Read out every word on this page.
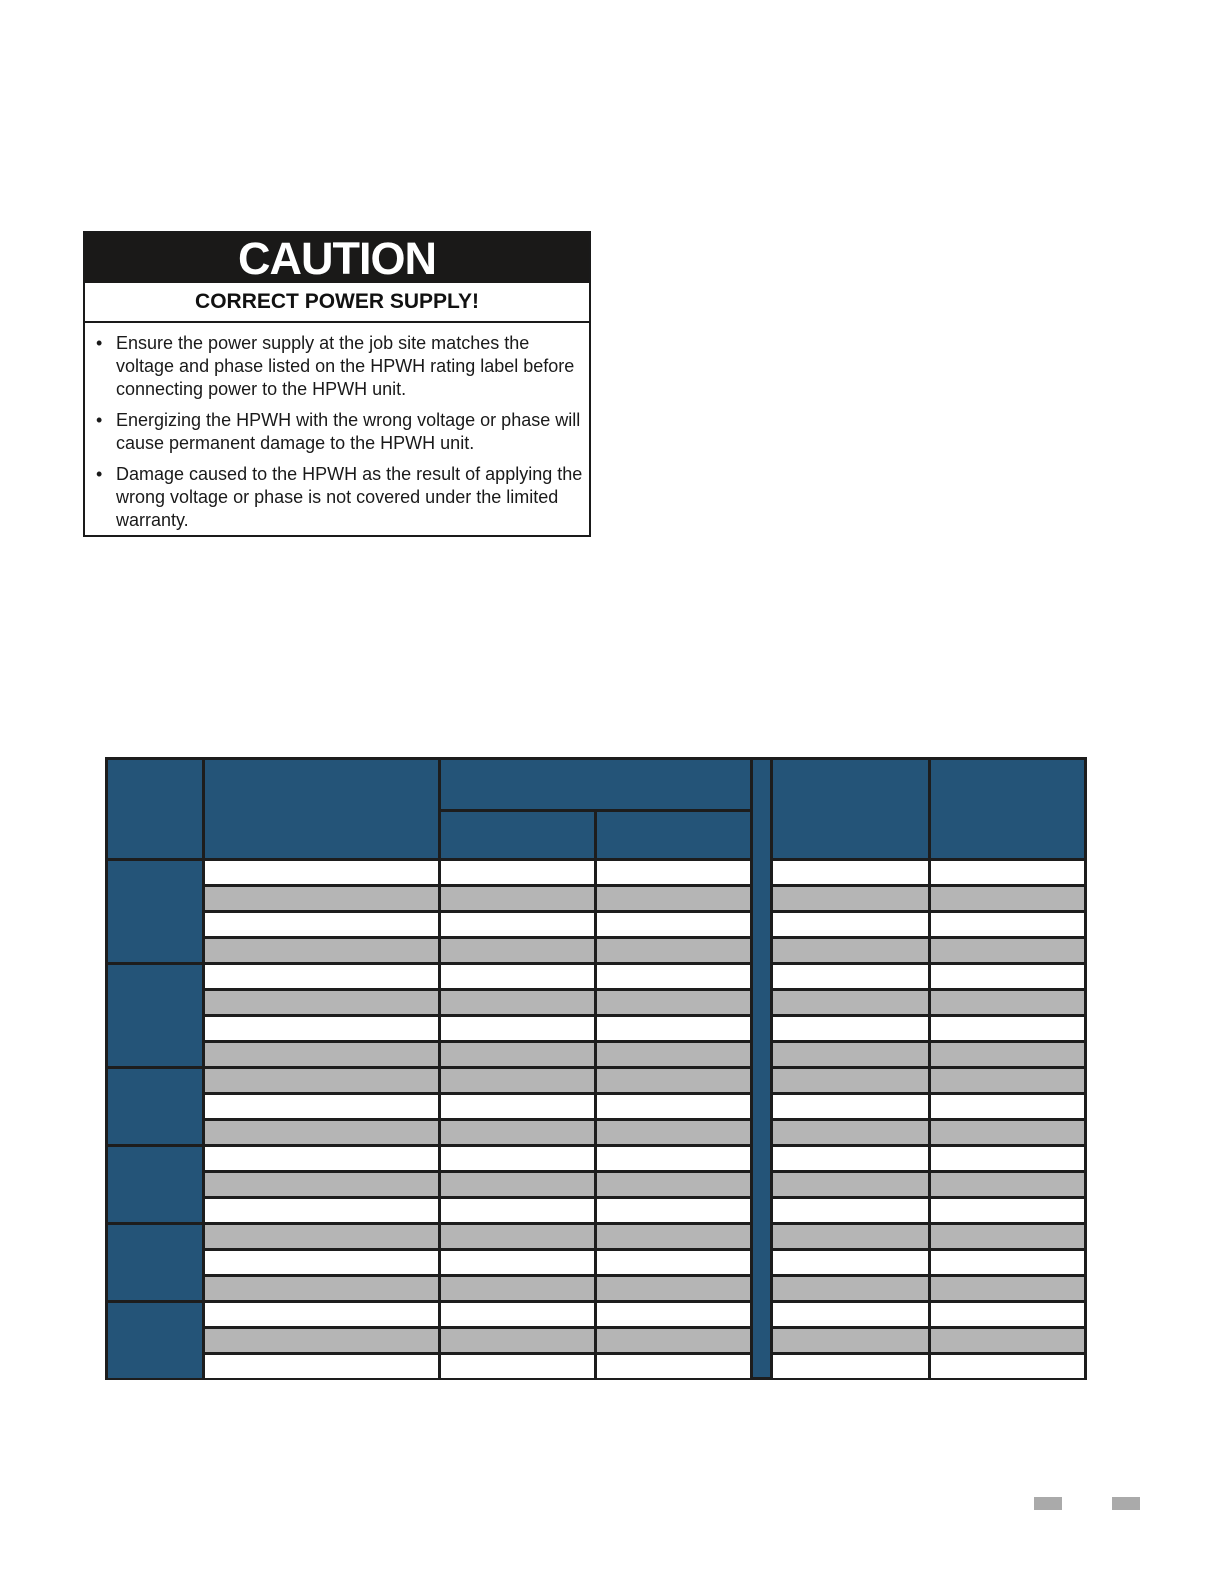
CAUTION
CORRECT POWER SUPPLY!
• Ensure the power supply at the job site matches the voltage and phase listed on the HPWH rating label before connecting power to the HPWH unit.
• Energizing the HPWH with the wrong voltage or phase will cause permanent damage to the HPWH unit.
• Damage caused to the HPWH as the result of applying the wrong voltage or phase is not covered under the limited warranty.
